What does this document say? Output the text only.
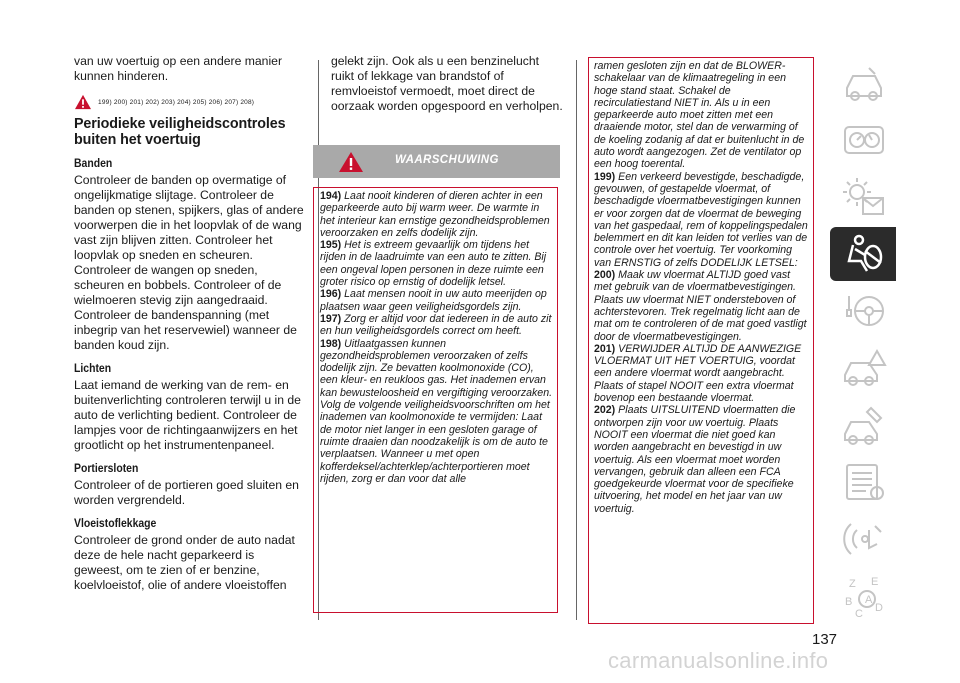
van uw voertuig op een andere manier kunnen hinderen.

199) 200) 201) 202) 203) 204) 205) 206) 207) 208)
Periodieke veiligheidscontroles buiten het voertuig
Banden

Controleer de banden op overmatige of ongelijkmatige slijtage. Controleer de banden op stenen, spijkers, glas of andere voorwerpen die in het loopvlak of de wang vast zijn blijven zitten. Controleer het loopvlak op sneden en scheuren. Controleer de wangen op sneden, scheuren en bobbels. Controleer of de wielmoeren stevig zijn aangedraaid. Controleer de bandenspanning (met inbegrip van het reservewiel) wanneer de banden koud zijn.

Lichten

Laat iemand de werking van de rem- en buitenverlichting controleren terwijl u in de auto de verlichting bedient. Controleer de lampjes voor de richtingaanwijzers en het grootlicht op het instrumentenpaneel.

Portiersloten

Controleer of de portieren goed sluiten en worden vergrendeld.

Vloeistoflekkage

Controleer de grond onder de auto nadat deze de hele nacht geparkeerd is geweest, om te zien of er benzine, koelvloeistof, olie of andere vloeistoffen

gelekt zijn. Ook als u een benzinelucht ruikt of lekkage van brandstof of remvloeistof vermoedt, moet direct de oorzaak worden opgespoord en verholpen.

WAARSCHUWING

194) Laat nooit kinderen of dieren achter in een geparkeerde auto bij warm weer. De warmte in het interieur kan ernstige gezondheidsproblemen veroorzaken en zelfs dodelijk zijn.

195) Het is extreem gevaarlijk om tijdens het rijden in de laadruimte van een auto te zitten. Bij een ongeval lopen personen in deze ruimte een groter risico op ernstig of dodelijk letsel.

196) Laat mensen nooit in uw auto meerijden op plaatsen waar geen veiligheidsgordels zijn.

197) Zorg er altijd voor dat iedereen in de auto zit en hun veiligheidsgordels correct om heeft.

198) Uitlaatgassen kunnen gezondheidsproblemen veroorzaken of zelfs dodelijk zijn. Ze bevatten koolmonoxide (CO), een kleur- en reukloos gas. Het inademen ervan kan bewusteloosheid en vergiftiging veroorzaken. Volg de volgende veiligheidsvoorschriften om het inademen van koolmonoxide te vermijden: Laat de motor niet langer in een gesloten garage of ruimte draaien dan noodzakelijk is om de auto te verplaatsen. Wanneer u met open kofferdeksel/achterklep/achterportieren moet rijden, zorg er dan voor dat alle

ramen gesloten zijn en dat de BLOWER-schakelaar van de klimaatregeling in een hoge stand staat. Schakel de recirculatiestand NIET in. Als u in een geparkeerde auto moet zitten met een draaiende motor, stel dan de verwarming of de koeling zodanig af dat er buitenlucht in de auto wordt aangezogen. Zet de ventilator op een hoog toerental.

199) Een verkeerd bevestigde, beschadigde, gevouwen, of gestapelde vloermat, of beschadigde vloermatbevestigingen kunnen er voor zorgen dat de vloermat de beweging van het gaspedaal, rem of koppelingspedalen belemmert en dit kan leiden tot verlies van de controle over het voertuig. Ter voorkoming van ERNSTIG of zelfs DODELIJK LETSEL:

200) Maak uw vloermat ALTIJD goed vast met gebruik van de vloermatbevestigingen. Plaats uw vloermat NIET ondersteboven of achterstevoren. Trek regelmatig licht aan de mat om te controleren of de mat goed vastligt door de vloermatbevestigingen.

201) VERWIJDER ALTIJD DE AANWEZIGE VLOERMAT UIT HET VOERTUIG, voordat een andere vloermat wordt aangebracht. Plaats of stapel NOOIT een extra vloermat bovenop een bestaande vloermat.

202) Plaats UITSLUITEND vloermatten die ontworpen zijn voor uw voertuig. Plaats NOOIT een vloermat die niet goed kan worden aangebracht en bevestigd in uw voertuig. Als een vloermat moet worden vervangen, gebruik dan alleen een FCA goedgekeurde vloermat voor de specifieke uitvoering, het model en het jaar van uw voertuig.

Z E
B A
C D
137
carmanualsonline.info
